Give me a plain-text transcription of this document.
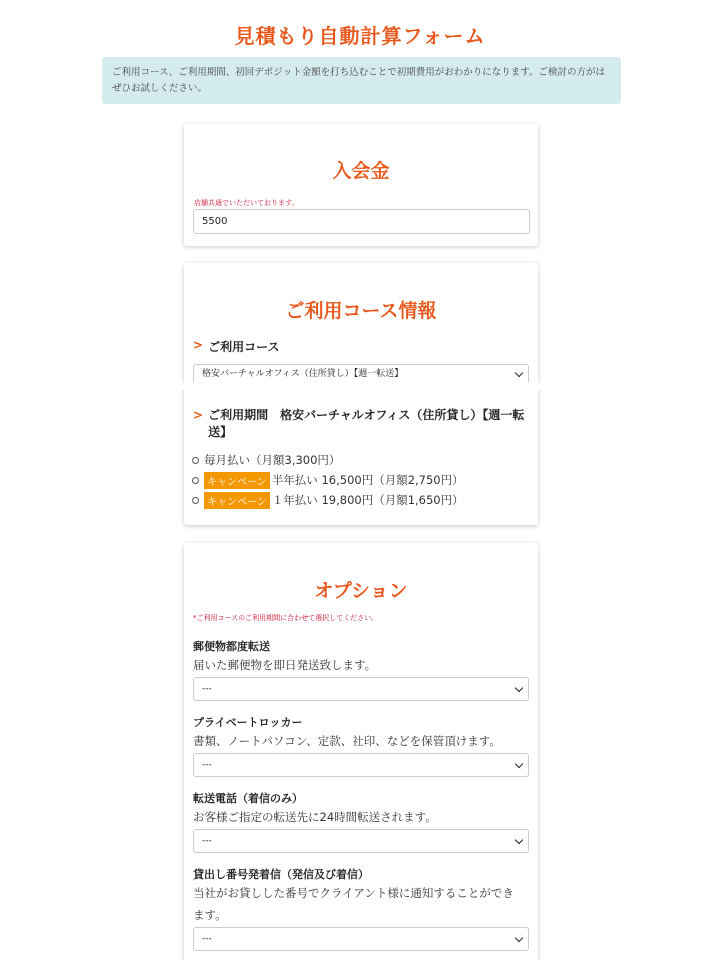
見積もり自動計算フォーム
ご利用コース、ご利用期間、初回デポジット金額を打ち込むことで初期費用がおわかりになります。ご検討の方がはぜひお試しください。
入会金
店舗共通でいただいております。
5500
ご利用コース情報
> ご利用コース
格安バーチャルオフィス（住所貸し）【週一転送】
> ご利用期間　格安バーチャルオフィス（住所貸し）【週一転送】
毎月払い（月額3,300円）
キャンペーン 半年払い 16,500円（月額2,750円）
キャンペーン １年払い 19,800円（月額1,650円）
オプション
*ご利用コースのご利用期間に合わせて選択してください。
郵便物都度転送
届いた郵便物を即日発送致します。
---
プライベートロッカー
書類、ノートパソコン、定款、社印、などを保管頂けます。
---
転送電話（着信のみ）
お客様ご指定の転送先に24時間転送されます。
---
貸出し番号発着信（発信及び着信）
当社がお貸しした番号でクライアント様に通知することができます。
---
